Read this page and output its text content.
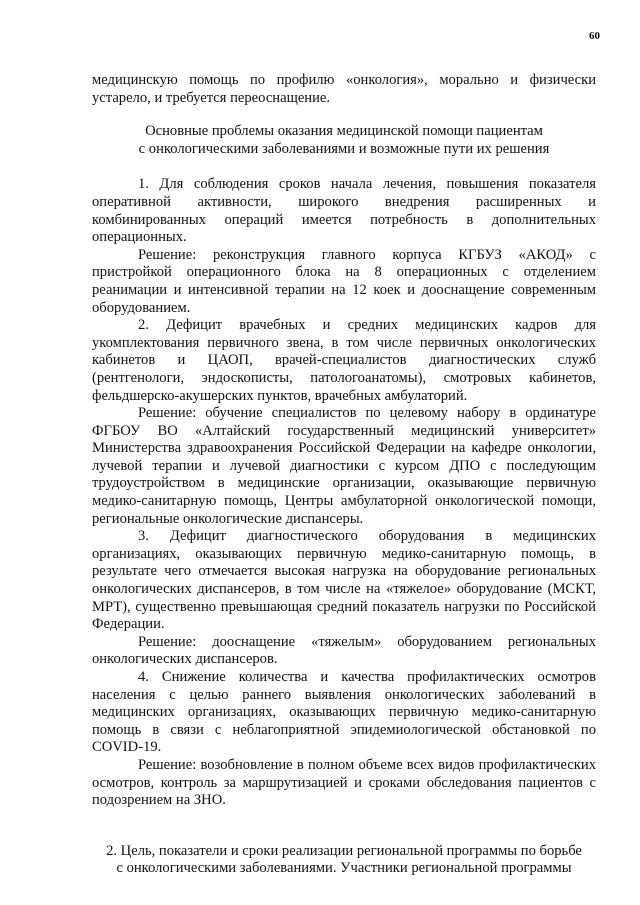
60

медицинскую помощь по профилю «онкология», морально и физически устарело, и требуется переоснащение.

Основные проблемы оказания медицинской помощи пациентам
с онкологическими заболеваниями и возможные пути их решения

1. Для соблюдения сроков начала лечения, повышения показателя оперативной активности, широкого внедрения расширенных и комбинированных операций имеется потребность в дополнительных операционных.

Решение: реконструкция главного корпуса КГБУЗ «АКОД» с пристройкой операционного блока на 8 операционных с отделением реанимации и интенсивной терапии на 12 коек и дооснащение современным оборудованием.

2. Дефицит врачебных и средних медицинских кадров для укомплектования первичного звена, в том числе первичных онкологических кабинетов и ЦАОП, врачей-специалистов диагностических служб (рентгенологи, эндоскописты, патологоанатомы), смотровых кабинетов, фельдшерско-акушерских пунктов, врачебных амбулаторий.

Решение: обучение специалистов по целевому набору в ординатуре ФГБОУ ВО «Алтайский государственный медицинский университет» Министерства здравоохранения Российской Федерации на кафедре онкологии, лучевой терапии и лучевой диагностики с курсом ДПО с последующим трудоустройством в медицинские организации, оказывающие первичную медико-санитарную помощь, Центры амбулаторной онкологической помощи, региональные онкологические диспансеры.

3. Дефицит диагностического оборудования в медицинских организациях, оказывающих первичную медико-санитарную помощь, в результате чего отмечается высокая нагрузка на оборудование региональных онкологических диспансеров, в том числе на «тяжелое» оборудование (МСКТ, МРТ), существенно превышающая средний показатель нагрузки по Российской Федерации.

Решение: дооснащение «тяжелым» оборудованием региональных онкологических диспансеров.

4. Снижение количества и качества профилактических осмотров населения с целью раннего выявления онкологических заболеваний в медицинских организациях, оказывающих первичную медико-санитарную помощь в связи с неблагоприятной эпидемиологической обстановкой по COVID-19.

Решение: возобновление в полном объеме всех видов профилактических осмотров, контроль за маршрутизацией и сроками обследования пациентов с подозрением на ЗНО.

2. Цель, показатели и сроки реализации региональной программы по борьбе
с онкологическими заболеваниями. Участники региональной программы
